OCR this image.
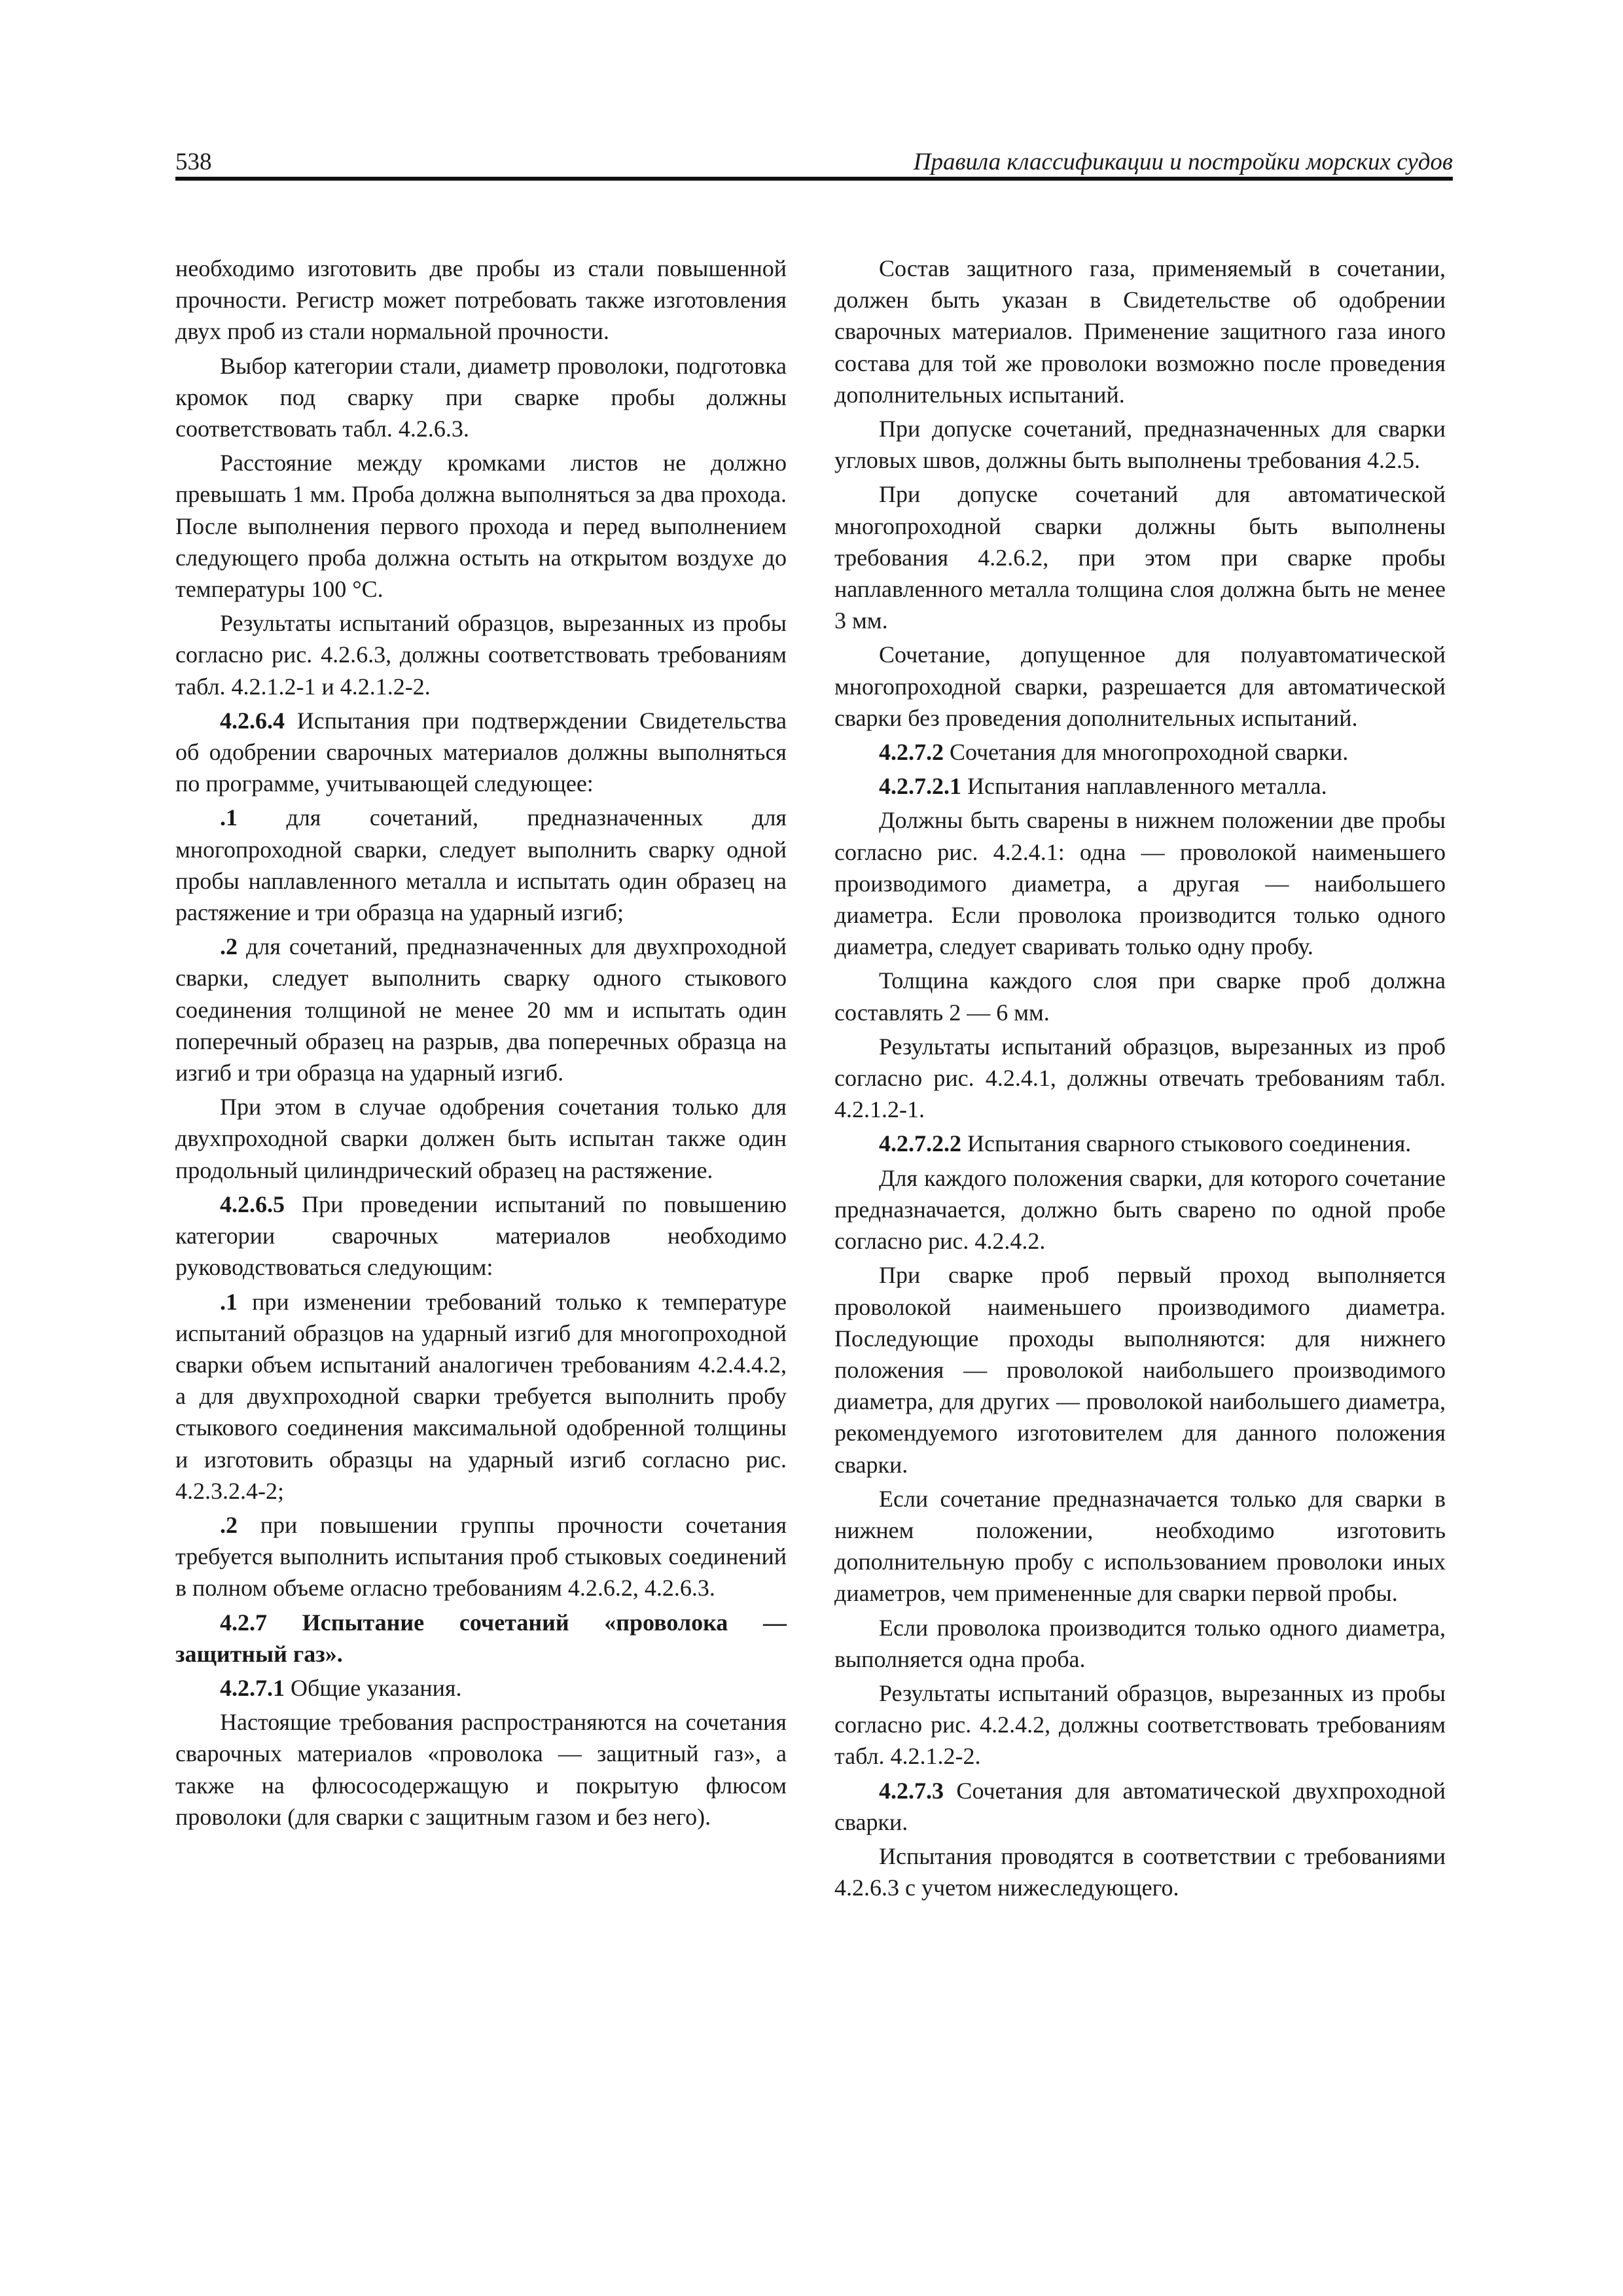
538	Правила классификации и постройки морских судов

необходимо изготовить две пробы из стали повышенной прочности. Регистр может потребовать также изготовления двух проб из стали нормальной прочности.

Выбор категории стали, диаметр проволоки, подготовка кромок под сварку при сварке пробы должны соответствовать табл. 4.2.6.3.

Расстояние между кромками листов не должно превышать 1 мм. Проба должна выполняться за два прохода. После выполнения первого прохода и перед выполнением следующего проба должна остыть на открытом воздухе до температуры 100 °С.

Результаты испытаний образцов, вырезанных из пробы согласно рис. 4.2.6.3, должны соответствовать требованиям табл. 4.2.1.2-1 и 4.2.1.2-2.

4.2.6.4 Испытания при подтверждении Свидетельства об одобрении сварочных материалов должны выполняться по программе, учитывающей следующее:

.1 для сочетаний, предназначенных для многопроходной сварки, следует выполнить сварку одной пробы наплавленного металла и испытать один образец на растяжение и три образца на ударный изгиб;

.2 для сочетаний, предназначенных для двухпроходной сварки, следует выполнить сварку одного стыкового соединения толщиной не менее 20 мм и испытать один поперечный образец на разрыв, два поперечных образца на изгиб и три образца на ударный изгиб.

При этом в случае одобрения сочетания только для двухпроходной сварки должен быть испытан также один продольный цилиндрический образец на растяжение.

4.2.6.5 При проведении испытаний по повышению категории сварочных материалов необходимо руководствоваться следующим:

.1 при изменении требований только к температуре испытаний образцов на ударный изгиб для многопроходной сварки объем испытаний аналогичен требованиям 4.2.4.4.2, а для двухпроходной сварки требуется выполнить пробу стыкового соединения максимальной одобренной толщины и изготовить образцы на ударный изгиб согласно рис. 4.2.3.2.4-2;

.2 при повышении группы прочности сочетания требуется выполнить испытания проб стыковых соединений в полном объеме огласно требованиям 4.2.6.2, 4.2.6.3.

4.2.7 Испытание сочетаний «проволока — защитный газ».

4.2.7.1 Общие указания.

Настоящие требования распространяются на сочетания сварочных материалов «проволока — защитный газ», а также на флюсосодержащую и покрытую флюсом проволоки (для сварки с защитным газом и без него).

Состав защитного газа, применяемый в сочетании, должен быть указан в Свидетельстве об одобрении сварочных материалов. Применение защитного газа иного состава для той же проволоки возможно после проведения дополнительных испытаний.

При допуске сочетаний, предназначенных для сварки угловых швов, должны быть выполнены требования 4.2.5.

При допуске сочетаний для автоматической многопроходной сварки должны быть выполнены требования 4.2.6.2, при этом при сварке пробы наплавленного металла толщина слоя должна быть не менее 3 мм.

Сочетание, допущенное для полуавтоматической многопроходной сварки, разрешается для автоматической сварки без проведения дополнительных испытаний.

4.2.7.2 Сочетания для многопроходной сварки.

4.2.7.2.1 Испытания наплавленного металла.

Должны быть сварены в нижнем положении две пробы согласно рис. 4.2.4.1: одна — проволокой наименьшего производимого диаметра, а другая — наибольшего диаметра. Если проволока производится только одного диаметра, следует сваривать только одну пробу.

Толщина каждого слоя при сварке проб должна составлять 2 — 6 мм.

Результаты испытаний образцов, вырезанных из проб согласно рис. 4.2.4.1, должны отвечать требованиям табл. 4.2.1.2-1.

4.2.7.2.2 Испытания сварного стыкового соединения.

Для каждого положения сварки, для которого сочетание предназначается, должно быть сварено по одной пробе согласно рис. 4.2.4.2.

При сварке проб первый проход выполняется проволокой наименьшего производимого диаметра. Последующие проходы выполняются: для нижнего положения — проволокой наибольшего производимого диаметра, для других — проволокой наибольшего диаметра, рекомендуемого изготовителем для данного положения сварки.

Если сочетание предназначается только для сварки в нижнем положении, необходимо изготовить дополнительную пробу с использованием проволоки иных диаметров, чем примененные для сварки первой пробы.

Если проволока производится только одного диаметра, выполняется одна проба.

Результаты испытаний образцов, вырезанных из пробы согласно рис. 4.2.4.2, должны соответствовать требованиям табл. 4.2.1.2-2.

4.2.7.3 Сочетания для автоматической двухпроходной сварки.

Испытания проводятся в соответствии с требованиями 4.2.6.3 с учетом нижеследующего.
